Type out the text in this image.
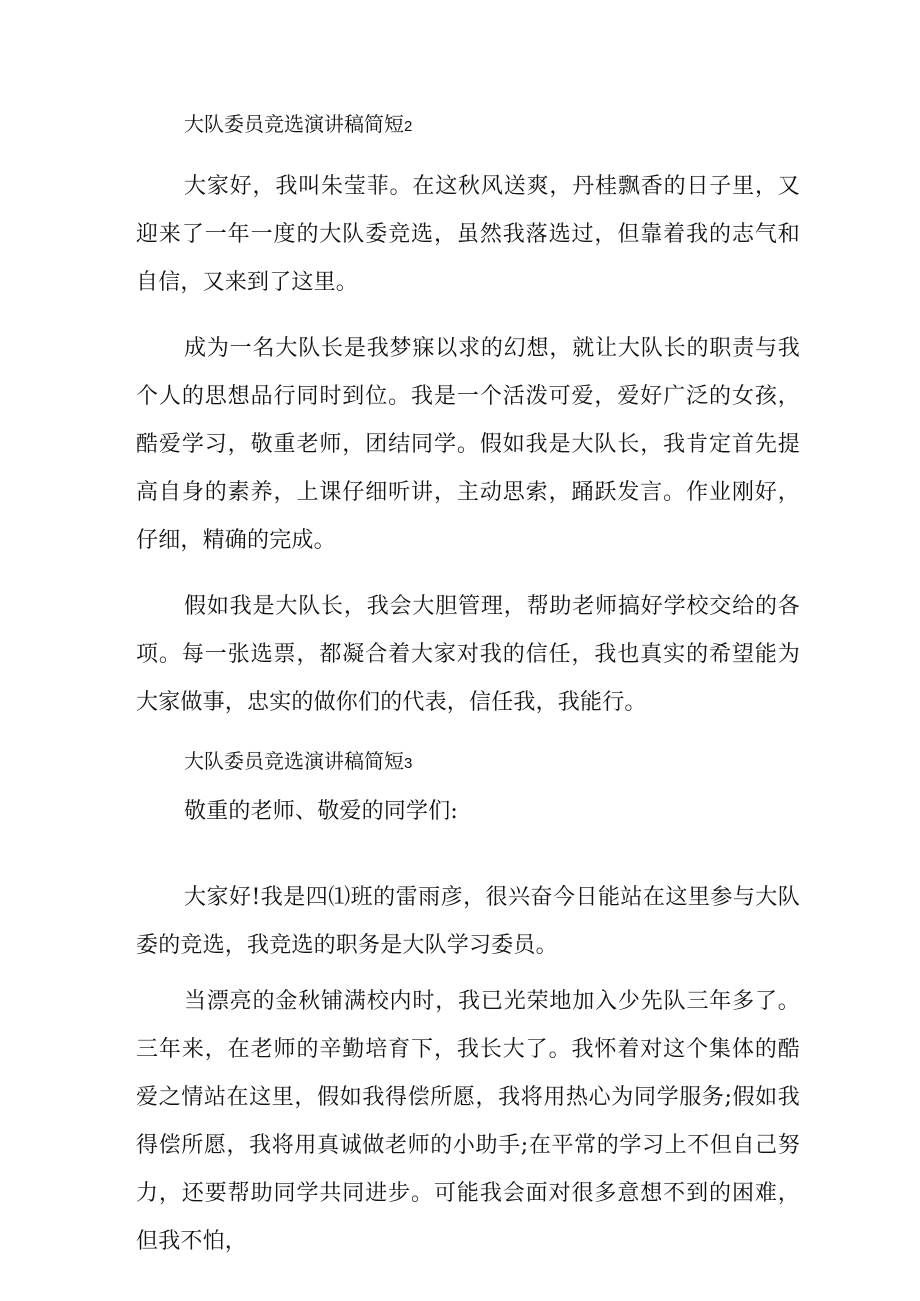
大队委员竞选演讲稿简短2

大家好，我叫朱莹菲。在这秋风送爽，丹桂飘香的日子里，又迎来了一年一度的大队委竞选，虽然我落选过，但靠着我的志气和自信，又来到了这里。

成为一名大队长是我梦寐以求的幻想，就让大队长的职责与我个人的思想品行同时到位。我是一个活泼可爱，爱好广泛的女孩，酷爱学习，敬重老师，团结同学。假如我是大队长，我肯定首先提高自身的素养，上课仔细听讲，主动思索，踊跃发言。作业刚好，仔细，精确的完成。

假如我是大队长，我会大胆管理，帮助老师搞好学校交给的各项。每一张选票，都凝合着大家对我的信任，我也真实的希望能为大家做事，忠实的做你们的代表，信任我，我能行。

大队委员竞选演讲稿简短3

敬重的老师、敬爱的同学们:

大家好!我是四⑴班的雷雨彦，很兴奋今日能站在这里参与大队委的竞选，我竞选的职务是大队学习委员。

当漂亮的金秋铺满校内时，我已光荣地加入少先队三年多了。三年来，在老师的辛勤培育下，我长大了。我怀着对这个集体的酷爱之情站在这里，假如我得偿所愿，我将用热心为同学服务;假如我得偿所愿，我将用真诚做老师的小助手;在平常的学习上不但自己努力，还要帮助同学共同进步。可能我会面对很多意想不到的困难，但我不怕，
